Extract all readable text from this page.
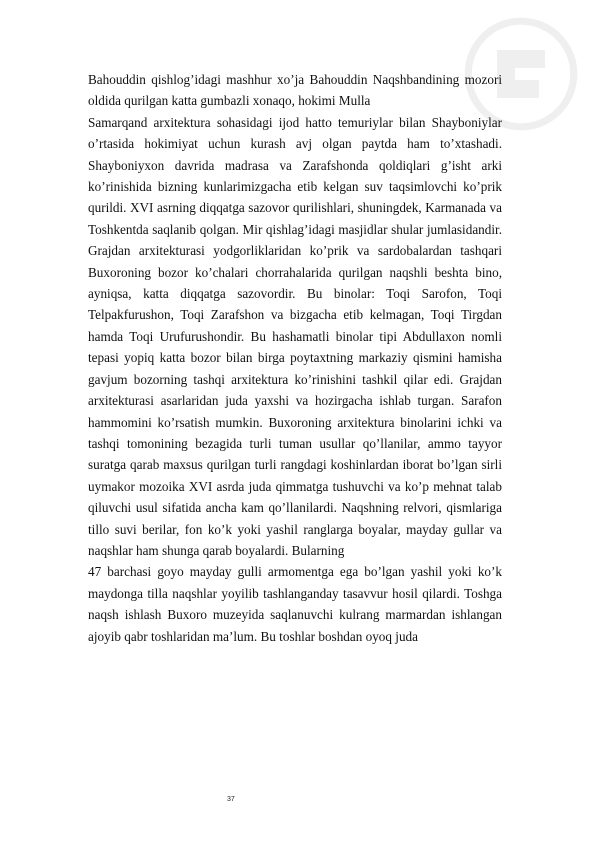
Bahouddin qishlog’idagi mashhur xo’ja Bahouddin Naqshbandining mozori oldida qurilgan katta gumbazli xonaqo, hokimi Mulla

Samarqand arxitektura sohasidagi ijod hatto temuriylar bilan Shayboniylar o’rtasida hokimiyat uchun kurash avj olgan paytda ham to’xtashadi. Shayboniyxon davrida madrasa va Zarafshonda qoldiqlari g’isht arki ko’rinishida bizning kunlarimizgacha etib kelgan suv taqsimlovchi ko’prik qurildi. XVI asrning diqqatga sazovor qurilishlari, shuningdek, Karmanada va Toshkentda saqlanib qolgan. Mir qishlag’idagi masjidlar shular jumlasidandir. Grajdan arxitekturasi yodgorliklaridan ko’prik va sardobalardan tashqari Buxoroning bozor ko’chalari chorrahalarida qurilgan naqshli beshta bino, ayniqsa, katta diqqatga sazovordir. Bu binolar: Toqi Sarofon, Toqi Telpakfurushon, Toqi Zarafshon va bizgacha etib kelmagan, Toqi Tirgdan hamda Toqi Urufurushondir. Bu hashamatli binolar tipi Abdullaxon nomli tepasi yopiq katta bozor bilan birga poytaxtning markaziy qismini hamisha gavjum bozorning tashqi arxitektura ko’rinishini tashkil qilar edi. Grajdan arxitekturasi asarlaridan juda yaxshi va hozirgacha ishlab turgan. Sarafon hammomini ko’rsatish mumkin. Buxoroning arxitektura binolarini ichki va tashqi tomonining bezagida turli tuman usullar qo’llanilar, ammo tayyor suratga qarab maxsus qurilgan turli rangdagi koshinlardan iborat bo’lgan sirli uymakor mozoika XVI asrda juda qimmatga tushuvchi va ko’p mehnat talab qiluvchi usul sifatida ancha kam qo’llanilardi. Naqshning relvori, qismlariga tillo suvi berilar, fon ko’k yoki yashil ranglarga boyalar, mayday gullar va naqshlar ham shunga qarab boyalardi. Bularning

47 barchasi goyo mayday gulli armomentga ega bo’lgan yashil yoki ko’k maydonga tilla naqshlar yoyilib tashlanganday tasavvur hosil qilardi. Toshga naqsh ishlash Buxoro muzeyida saqlanuvchi kulrang marmardan ishlangan ajoyib qabr toshlaridan ma’lum. Bu toshlar boshdan oyoq juda

37
